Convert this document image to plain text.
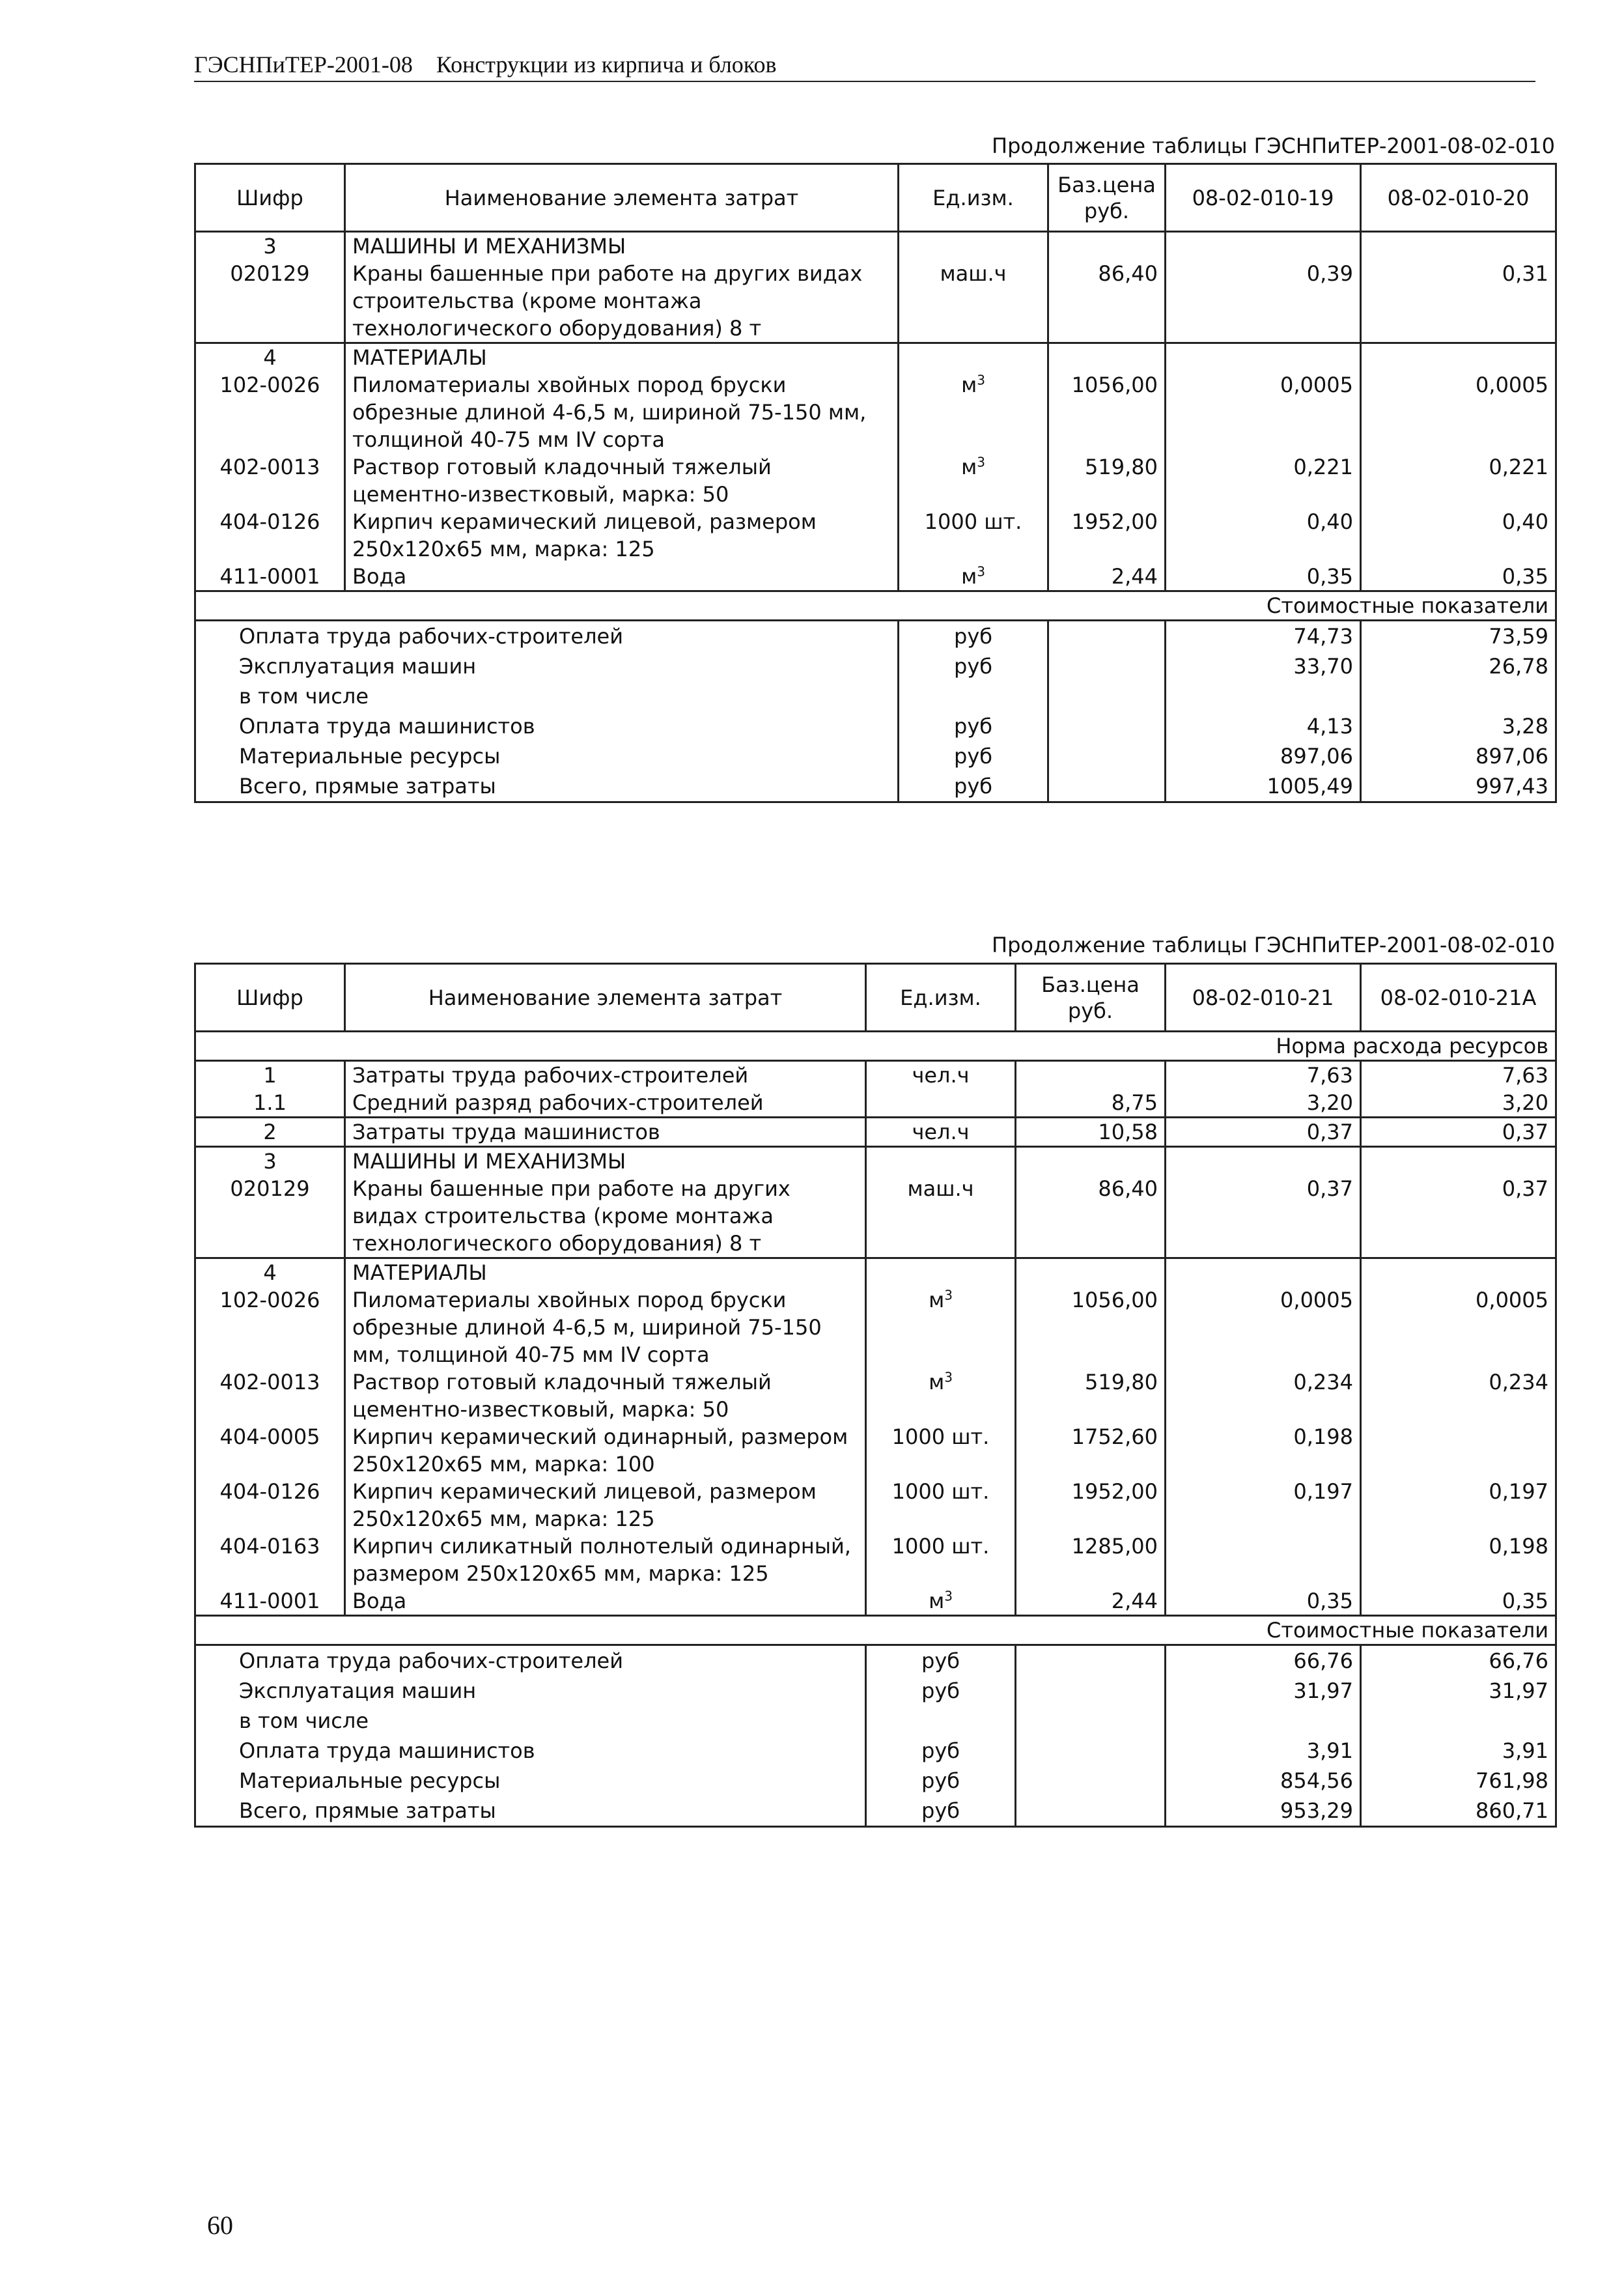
ГЭСНПиТЕР-2001-08 Конструкции из кирпича и блоков
Продолжение таблицы ГЭСНПиТЕР-2001-08-02-010
Шифр	Наименование элемента затрат	Ед.изм.	Баз.цена руб.	08-02-010-19	08-02-010-20
3	МАШИНЫ И МЕХАНИЗМЫ				
020129	Краны башенные при работе на других видах строительства (кроме монтажа технологического оборудования) 8 т	маш.ч	86,40	0,39	0,31
4	МАТЕРИАЛЫ				
102-0026	Пиломатериалы хвойных пород бруски обрезные длиной 4-6,5 м, шириной 75-150 мм, толщиной 40-75 мм IV сорта	$м^3$	1056,00	0,0005	0,0005
402-0013	Раствор готовый кладочный тяжелый цементно-известковый, марка: 50	$м^3$	519,80	0,221	0,221
404-0126	Кирпич керамический лицевой, размером 250х120х65 мм, марка: 125	1000 шт.	1952,00	0,40	0,40
411-0001	Вода	$м^3$	2,44	0,35	0,35
Стоимостные показатели					
Оплата труда рабочих-строителей		руб		74,73	73,59
Эксплуатация машин		руб		33,70	26,78
в том числе					
Оплата труда машинистов		руб		4,13	3,28
Материальные ресурсы		руб		897,06	897,06
Всего, прямые затраты		руб		1005,49	997,43
Продолжение таблицы ГЭСНПиТЕР-2001-08-02-010
Шифр	Наименование элемента затрат	Ед.изм.	Баз.цена руб.	08-02-010-21	08-02-010-21А
Норма расхода ресурсов					
1	Затраты труда рабочих-строителей	чел.ч		7,63	7,63
1.1	Средний разряд рабочих-строителей		8,75	3,20	3,20
2	Затраты труда машинистов	чел.ч	10,58	0,37	0,37
3	МАШИНЫ И МЕХАНИЗМЫ				
020129	Краны башенные при работе на других видах строительства (кроме монтажа технологического оборудования) 8 т	маш.ч	86,40	0,37	0,37
4	МАТЕРИАЛЫ				
102-0026	Пиломатериалы хвойных пород бруски обрезные длиной 4-6,5 м, шириной 75-150 мм, толщиной 40-75 мм IV сорта	$м^3$	1056,00	0,0005	0,0005
402-0013	Раствор готовый кладочный тяжелый цементно-известковый, марка: 50	$м^3$	519,80	0,234	0,234
404-0005	Кирпич керамический одинарный, размером 250х120х65 мм, марка: 100	1000 шт.	1752,60	0,198	
404-0126	Кирпич керамический лицевой, размером 250х120х65 мм, марка: 125	1000 шт.	1952,00	0,197	0,197
404-0163	Кирпич силикатный полнотелый одинарный, размером 250х120х65 мм, марка: 125	1000 шт.	1285,00		0,198
411-0001	Вода	$м^3$	2,44	0,35	0,35
Стоимостные показатели					
Оплата труда рабочих-строителей		руб		66,76	66,76
Эксплуатация машин		руб		31,97	31,97
в том числе					
Оплата труда машинистов		руб		3,91	3,91
Материальные ресурсы		руб		854,56	761,98
Всего, прямые затраты		руб		953,29	860,71
60
